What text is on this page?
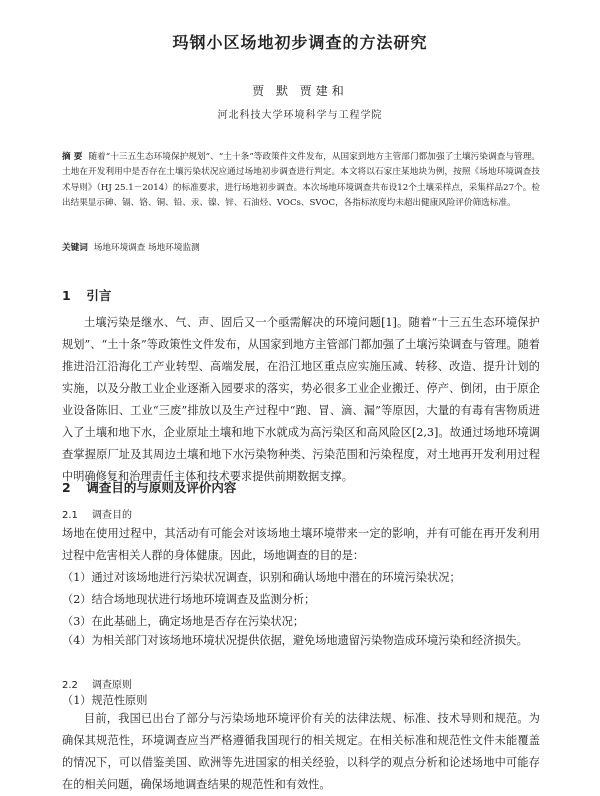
玛钢小区场地初步调查的方法研究
贾 默 贾建和
河北科技大学环境科学与工程学院
摘 要 随着“十三五生态环境保护规划”、“土十条”等政策件文件发布，从国家到地方主管部门都加强了土壤污染调查与管理。土地在开发利用中是否存在土壤污染状况应通过场地初步调查进行判定。本文将以石家庄某地块为例，按照《场地环境调查技术导则》（HJ 25.1－2014）的标准要求，进行场地初步调查。本次场地环境调查共布设12个土壤采样点，采集样品27个。检出结果显示砷、镉、铬、铜、铅、汞、镍、锌、石油烃、VOCs、SVOC，各指标浓度均未超出健康风险评价筛选标准。
关键词 场地环境调查 场地环境监测
1 引言

土壤污染是继水、气、声、固后又一个亟需解决的环境问题[1]。随着“十三五生态环境保护规划”、“土十条”等政策性文件发布，从国家到地方主管部门都加强了土壤污染调查与管理。随着推进沿江沿海化工产业转型、高端发展，在沿江地区重点应实施压减、转移、改造、提升计划的实施，以及分散工业企业逐渐入园要求的落实，势必很多工业企业搬迁、停产、倒闭，由于原企业设备陈旧、工业“三废”排放以及生产过程中“跑、冒、滴、漏”等原因，大量的有毒有害物质进入了土壤和地下水，企业原址土壤和地下水就成为高污染区和高风险区[2,3]。故通过场地环境调查掌握原厂址及其周边土壤和地下水污染物种类、污染范围和污染程度，对土地再开发利用过程中明确修复和治理责任主体和技术要求提供前期数据支撑。

2 调查目的与原则及评价内容
2.1 调查目的

场地在使用过程中，其活动有可能会对该场地土壤环境带来一定的影响，并有可能在再开发利用过程中危害相关人群的身体健康。因此，场地调查的目的是：

（1）通过对该场地进行污染状况调查，识别和确认场地中潜在的环境污染状况；

（2）结合场地现状进行场地环境调查及监测分析；

（3）在此基础上，确定场地是否存在污染状况；

（4）为相关部门对该场地环境状况提供依据，避免场地遗留污染物造成环境污染和经济损失。

2.2 调查原则

（1）规范性原则

目前，我国已出台了部分与污染场地环境评价有关的法律法规、标准、技术导则和规范。为确保其规范性，环境调查应当严格遵循我国现行的相关规定。在相关标准和规范性文件未能覆盖的情况下，可以借鉴美国、欧洲等先进国家的相关经验，以科学的观点分析和论述场地中可能存在的相关问题，确保场地调查结果的规范性和有效性。
